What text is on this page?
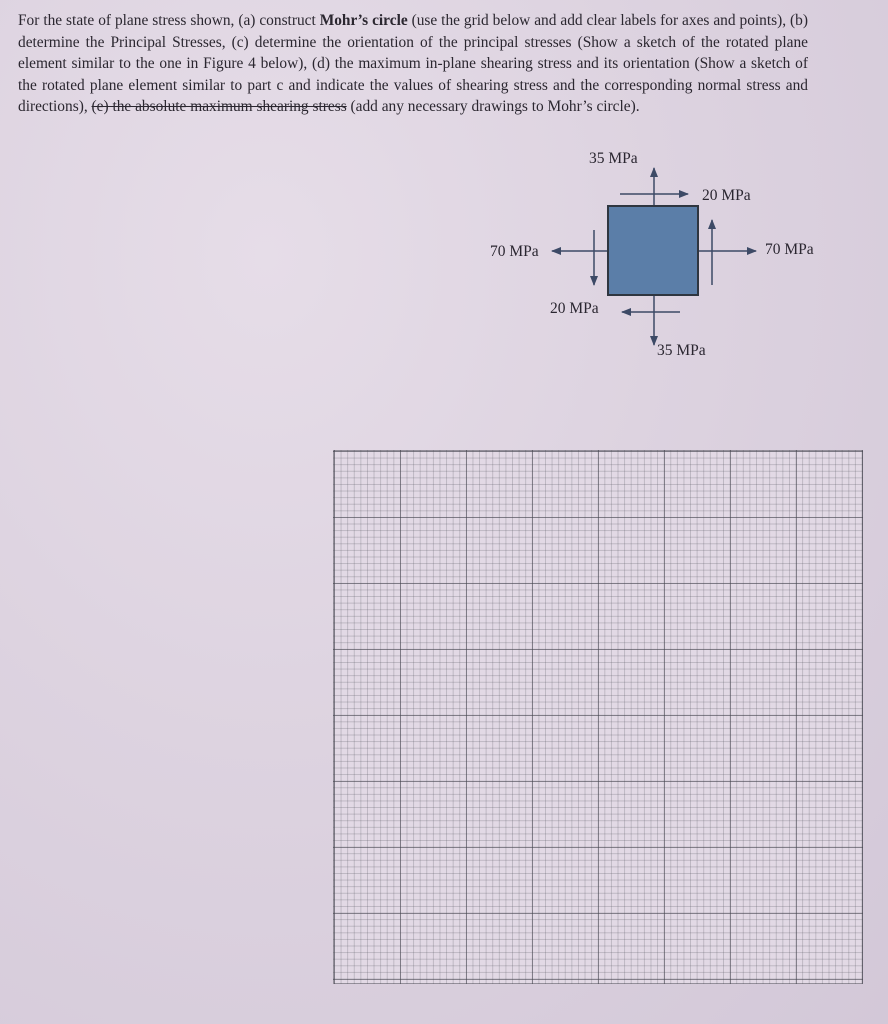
For the state of plane stress shown, (a) construct Mohr’s circle (use the grid below and add clear labels for axes and points), (b) determine the Principal Stresses, (c) determine the orientation of the principal stresses (Show a sketch of the rotated plane element similar to the one in Figure 4 below), (d) the maximum in-plane shearing stress and its orientation (Show a sketch of the rotated plane element similar to part c and indicate the values of shearing stress and the corresponding normal stress and directions), (e) the absolute maximum shearing stress (add any necessary drawings to Mohr’s circle).

35 MPa
20 MPa
70 MPa	70 MPa
20 MPa
35 MPa
